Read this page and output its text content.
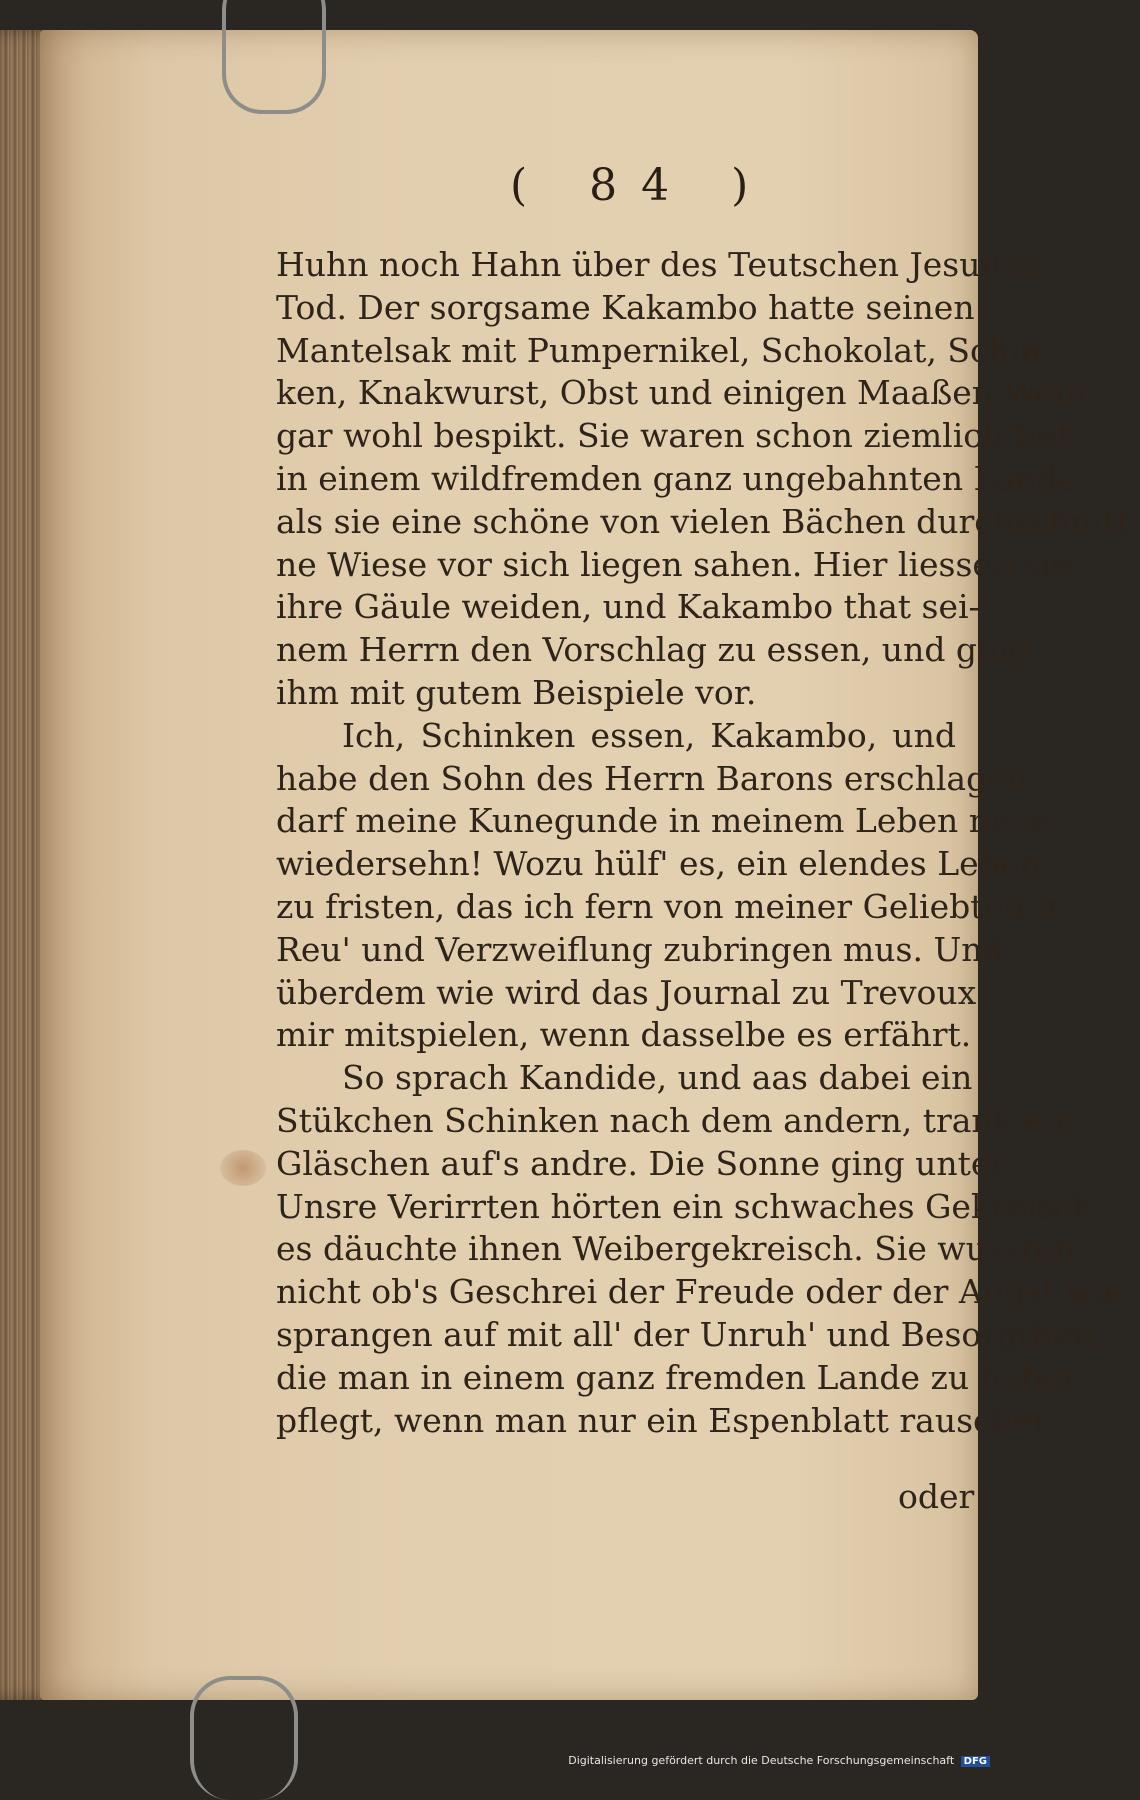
( 84 )
Huhn noch Hahn über des Teutschen Jesuiten
Tod. Der sorgsame Kakambo hatte seinen
Mantelsak mit Pumpernikel, Schokolat, Schin-
ken, Knakwurst, Obst und einigen Maaßen Wein
gar wohl bespikt. Sie waren schon ziemlich tief
in einem wildfremden ganz ungebahnten Lande,
als sie eine schöne von vielen Bächen durchschnitt-
ne Wiese vor sich liegen sahen. Hier liessen sie
ihre Gäule weiden, und Kakambo that sei-
nem Herrn den Vorschlag zu essen, und ging
ihm mit gutem Beispiele vor.
Ich, Schinken essen, Kakambo, und
habe den Sohn des Herrn Barons erschlagen;
darf meine Kunegunde in meinem Leben nicht
wiedersehn! Wozu hülf' es, ein elendes Leben
zu fristen, das ich fern von meiner Geliebten in
Reu' und Verzweiflung zubringen mus. Und
überdem wie wird das Journal zu Trevoux
mir mitspielen, wenn dasselbe es erfährt.
So sprach Kandide, und aas dabei ein
Stükchen Schinken nach dem andern, trank ein
Gläschen auf's andre. Die Sonne ging unter.
Unsre Verirrten hörten ein schwaches Gekreisch;
es däuchte ihnen Weibergekreisch. Sie wussten
nicht ob's Geschrei der Freude oder der Angst war,
sprangen auf mit all' der Unruh' und Besorgtheit,
die man in einem ganz fremden Lande zu haben
pflegt, wenn man nur ein Espenblatt rauschen,
oder
Digitalisierung gefördert durch die Deutsche Forschungsgemeinschaft DFG
